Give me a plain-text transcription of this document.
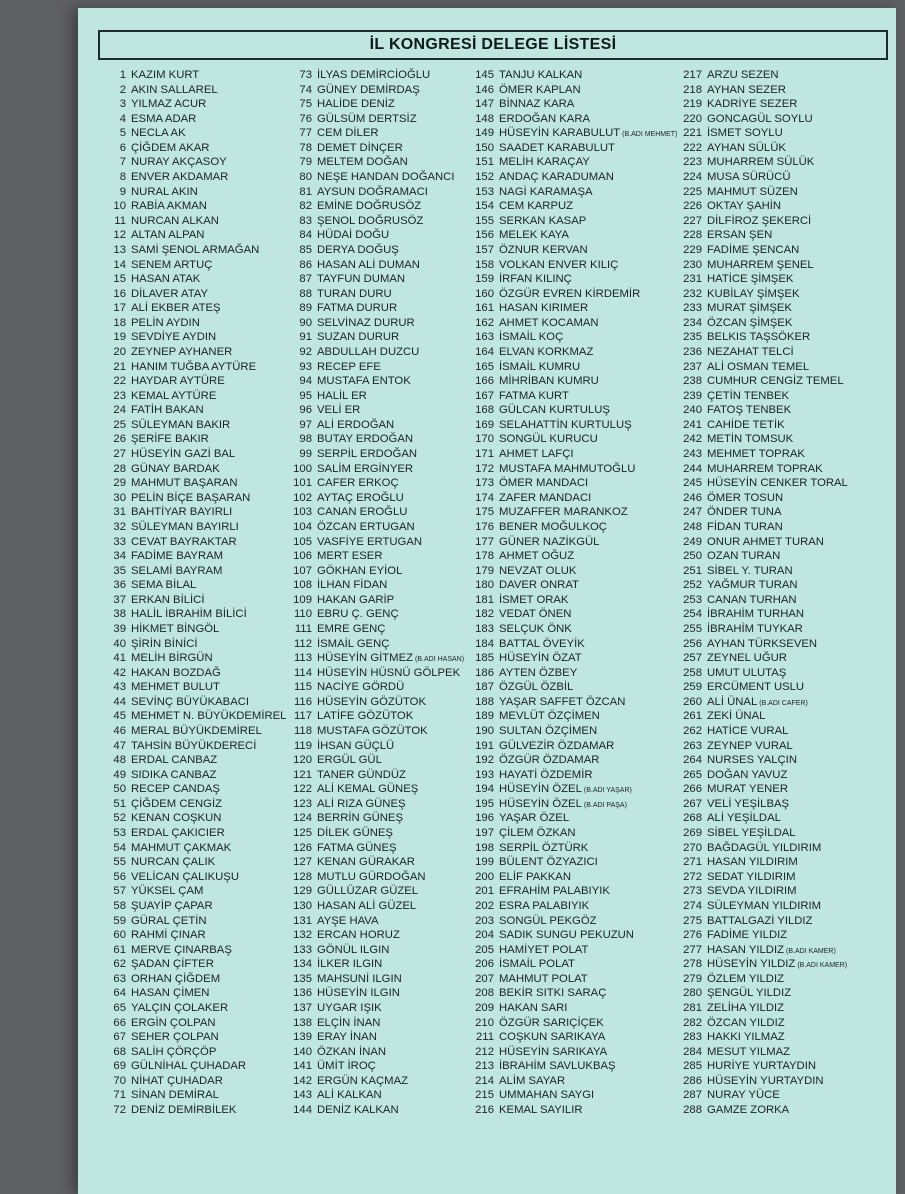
İL KONGRESİ DELEGE LİSTESİ
1 KAZIM KURT
2 AKIN SALLAREL
3 YILMAZ ACUR
4 ESMA ADAR
5 NECLA AK
6 ÇİĞDEM AKAR
7 NURAY AKÇASOY
8 ENVER AKDAMAR
9 NURAL AKIN
10 RABİA AKMAN
11 NURCAN ALKAN
12 ALTAN ALPAN
13 SAMİ ŞENOL ARMAĞAN
14 SENEM ARTUÇ
15 HASAN ATAK
16 DİLAVER ATAY
17 ALİ EKBER ATEŞ
18 PELİN AYDIN
19 SEVDİYE AYDIN
20 ZEYNEP AYHANER
21 HANIM TUĞBA AYTÜRE
22 HAYDAR AYTÜRE
23 KEMAL AYTÜRE
24 FATİH BAKAN
25 SÜLEYMAN BAKIR
26 ŞERİFE BAKIR
27 HÜSEYİN GAZİ BAL
28 GÜNAY BARDAK
29 MAHMUT BAŞARAN
30 PELİN BİÇE BAŞARAN
31 BAHTİYAR BAYIRLI
32 SÜLEYMAN BAYIRLI
33 CEVAT BAYRAKTAR
34 FADİME BAYRAM
35 SELAMİ BAYRAM
36 SEMA BİLAL
37 ERKAN BİLİCİ
38 HALİL İBRAHİM BİLİCİ
39 HİKMET BİNGÖL
40 ŞİRİN BİNİCİ
41 MELİH BİRGÜN
42 HAKAN BOZDAĞ
43 MEHMET BULUT
44 SEVİNÇ BÜYÜKABACI
45 MEHMET N. BÜYÜKDEMİREL
46 MERAL BÜYÜKDEMİREL
47 TAHSİN BÜYÜKDERECİ
48 ERDAL CANBAZ
49 SIDIKA CANBAZ
50 RECEP CANDAŞ
51 ÇİĞDEM CENGİZ
52 KENAN COŞKUN
53 ERDAL ÇAKICIER
54 MAHMUT ÇAKMAK
55 NURCAN ÇALIK
56 VELİCAN ÇALIKUŞU
57 YÜKSEL ÇAM
58 ŞUAYİP ÇAPAR
59 GÜRAL ÇETİN
60 RAHMİ ÇINAR
61 MERVE ÇINARBAŞ
62 ŞADAN ÇİFTER
63 ORHAN ÇİĞDEM
64 HASAN ÇİMEN
65 YALÇIN ÇOLAKER
66 ERGİN ÇOLPAN
67 SEHER ÇOLPAN
68 SALİH ÇÖRÇÖP
69 GÜLNİHAL ÇUHADAR
70 NİHAT ÇUHADAR
71 SİNAN DEMİRAL
72 DENİZ DEMİRBİLEK
73 İLYAS DEMİRCİOĞLU
74 GÜNEY DEMİRDAŞ
75 HALİDE DENİZ
76 GÜLSÜM DERTSİZ
77 CEM DİLER
78 DEMET DİNÇER
79 MELTEM DOĞAN
80 NEŞE HANDAN DOĞANCI
81 AYSUN DOĞRAMACI
82 EMİNE DOĞRUSÖZ
83 ŞENOL DOĞRUSÖZ
84 HÜDAİ DOĞU
85 DERYA DOĞUŞ
86 HASAN ALİ DUMAN
87 TAYFUN DUMAN
88 TURAN DURU
89 FATMA DURUR
90 SELVİNAZ DURUR
91 SUZAN DURUR
92 ABDULLAH DUZCU
93 RECEP EFE
94 MUSTAFA ENTOK
95 HALİL ER
96 VELİ ER
97 ALİ ERDOĞAN
98 BUTAY ERDOĞAN
99 SERPİL ERDOĞAN
100 SALİM ERGİNYER
101 CAFER ERKOÇ
102 AYTAÇ EROĞLU
103 CANAN EROĞLU
104 ÖZCAN ERTUGAN
105 VASFİYE ERTUGAN
106 MERT ESER
107 GÖKHAN EYİOL
108 İLHAN FİDAN
109 HAKAN GARİP
110 EBRU Ç. GENÇ
111 EMRE GENÇ
112 İSMAİL GENÇ
113 HÜSEYİN GİTMEZ (B.ADI HASAN)
114 HÜSEYİN HÜSNÜ GÖLPEK
115 NACİYE GÖRDÜ
116 HÜSEYİN GÖZÜTOK
117 LATİFE GÖZÜTOK
118 MUSTAFA GÖZÜTOK
119 İHSAN GÜÇLÜ
120 ERGÜL GÜL
121 TANER GÜNDÜZ
122 ALİ KEMAL GÜNEŞ
123 ALİ RIZA GÜNEŞ
124 BERRİN GÜNEŞ
125 DİLEK GÜNEŞ
126 FATMA GÜNEŞ
127 KENAN GÜRAKAR
128 MUTLU GÜRDOĞAN
129 GÜLLÜZAR GÜZEL
130 HASAN ALİ GÜZEL
131 AYŞE HAVA
132 ERCAN HORUZ
133 GÖNÜL ILGIN
134 İLKER ILGIN
135 MAHSUNİ ILGIN
136 HÜSEYİN ILGIN
137 UYGAR IŞIK
138 ELÇİN İNAN
139 ERAY İNAN
140 ÖZKAN İNAN
141 ÜMİT İROÇ
142 ERGÜN KAÇMAZ
143 ALİ KALKAN
144 DENİZ KALKAN
145 TANJU KALKAN
146 ÖMER KAPLAN
147 BİNNAZ KARA
148 ERDOĞAN KARA
149 HÜSEYİN KARABULUT (B.ADI MEHMET)
150 SAADET KARABULUT
151 MELİH KARAÇAY
152 ANDAÇ KARADUMAN
153 NAGİ KARAMAŞA
154 CEM KARPUZ
155 SERKAN KASAP
156 MELEK KAYA
157 ÖZNUR KERVAN
158 VOLKAN ENVER KILIÇ
159 İRFAN KILINÇ
160 ÖZGÜR EVREN KİRDEMİR
161 HASAN KIRIMER
162 AHMET KOCAMAN
163 İSMAİL KOÇ
164 ELVAN KORKMAZ
165 İSMAİL KUMRU
166 MİHRİBAN KUMRU
167 FATMA KURT
168 GÜLCAN KURTULUŞ
169 SELAHATTİN KURTULUŞ
170 SONGÜL KURUCU
171 AHMET LAFÇI
172 MUSTAFA MAHMUTOĞLU
173 ÖMER MANDACI
174 ZAFER MANDACI
175 MUZAFFER MARANKOZ
176 BENER MOĞULKOÇ
177 GÜNER NAZİKGÜL
178 AHMET OĞUZ
179 NEVZAT OLUK
180 DAVER ONRAT
181 İSMET ORAK
182 VEDAT ÖNEN
183 SELÇUK ÖNK
184 BATTAL ÖVEYİK
185 HÜSEYİN ÖZAT
186 AYTEN ÖZBEY
187 ÖZGÜL ÖZBİL
188 YAŞAR SAFFET ÖZCAN
189 MEVLÜT ÖZÇİMEN
190 SULTAN ÖZÇİMEN
191 GÜLVEZİR ÖZDAMAR
192 ÖZGÜR ÖZDAMAR
193 HAYATİ ÖZDEMİR
194 HÜSEYİN ÖZEL (B.ADI YAŞAR)
195 HÜSEYİN ÖZEL (B.ADI PAŞA)
196 YAŞAR ÖZEL
197 ÇİLEM ÖZKAN
198 SERPİL ÖZTÜRK
199 BÜLENT ÖZYAZICI
200 ELİF PAKKAN
201 EFRAHİM PALABIYIK
202 ESRA PALABIYIK
203 SONGÜL PEKGÖZ
204 SADIK SUNGU PEKUZUN
205 HAMİYET POLAT
206 İSMAİL POLAT
207 MAHMUT POLAT
208 BEKİR SITKI SARAÇ
209 HAKAN SARI
210 ÖZGÜR SARIÇİÇEK
211 COŞKUN SARIKAYA
212 HÜSEYİN SARIKAYA
213 İBRAHİM SAVLUKBAŞ
214 ALİM SAYAR
215 UMMAHAN SAYGI
216 KEMAL SAYILIR
217 ARZU SEZEN
218 AYHAN SEZER
219 KADRİYE SEZER
220 GONCAGÜL SOYLU
221 İSMET SOYLU
222 AYHAN SÜLÜK
223 MUHARREM SÜLÜK
224 MUSA SÜRÜCÜ
225 MAHMUT SÜZEN
226 OKTAY ŞAHİN
227 DİLFİROZ ŞEKERCİ
228 ERSAN ŞEN
229 FADİME ŞENCAN
230 MUHARREM ŞENEL
231 HATİCE ŞİMŞEK
232 KUBİLAY ŞİMŞEK
233 MURAT ŞİMŞEK
234 ÖZCAN ŞİMŞEK
235 BELKIS TAŞSÖKER
236 NEZAHAT TELCİ
237 ALİ OSMAN TEMEL
238 CUMHUR CENGİZ TEMEL
239 ÇETİN TENBEK
240 FATOŞ TENBEK
241 CAHİDE TETİK
242 METİN TOMSUK
243 MEHMET TOPRAK
244 MUHARREM TOPRAK
245 HÜSEYİN CENKER TORAL
246 ÖMER TOSUN
247 ÖNDER TUNA
248 FİDAN TURAN
249 ONUR AHMET TURAN
250 OZAN TURAN
251 SİBEL Y. TURAN
252 YAĞMUR TURAN
253 CANAN TURHAN
254 İBRAHİM TURHAN
255 İBRAHİM TUYKAR
256 AYHAN TÜRKSEVEN
257 ZEYNEL UĞUR
258 UMUT ULUTAŞ
259 ERCÜMENT USLU
260 ALİ ÜNAL (B.ADI CAFER)
261 ZEKİ ÜNAL
262 HATİCE VURAL
263 ZEYNEP VURAL
264 NURSES YALÇIN
265 DOĞAN YAVUZ
266 MURAT YENER
267 VELİ YEŞİLBAŞ
268 ALİ YEŞİLDAL
269 SİBEL YEŞİLDAL
270 BAĞDAGÜL YILDIRIM
271 HASAN YILDIRIM
272 SEDAT YILDIRIM
273 SEVDA YILDIRIM
274 SÜLEYMAN YILDIRIM
275 BATTALGAZİ YILDIZ
276 FADİME YILDIZ
277 HASAN YILDIZ (B.ADI KAMER)
278 HÜSEYİN YILDIZ (B.ADI KAMER)
279 ÖZLEM YILDIZ
280 ŞENGÜL YILDIZ
281 ZELİHA YILDIZ
282 ÖZCAN YILDIZ
283 HAKKI YILMAZ
284 MESUT YILMAZ
285 HURİYE YURTAYDIN
286 HÜSEYİN YURTAYDIN
287 NURAY YÜCE
288 GAMZE ZORKA
